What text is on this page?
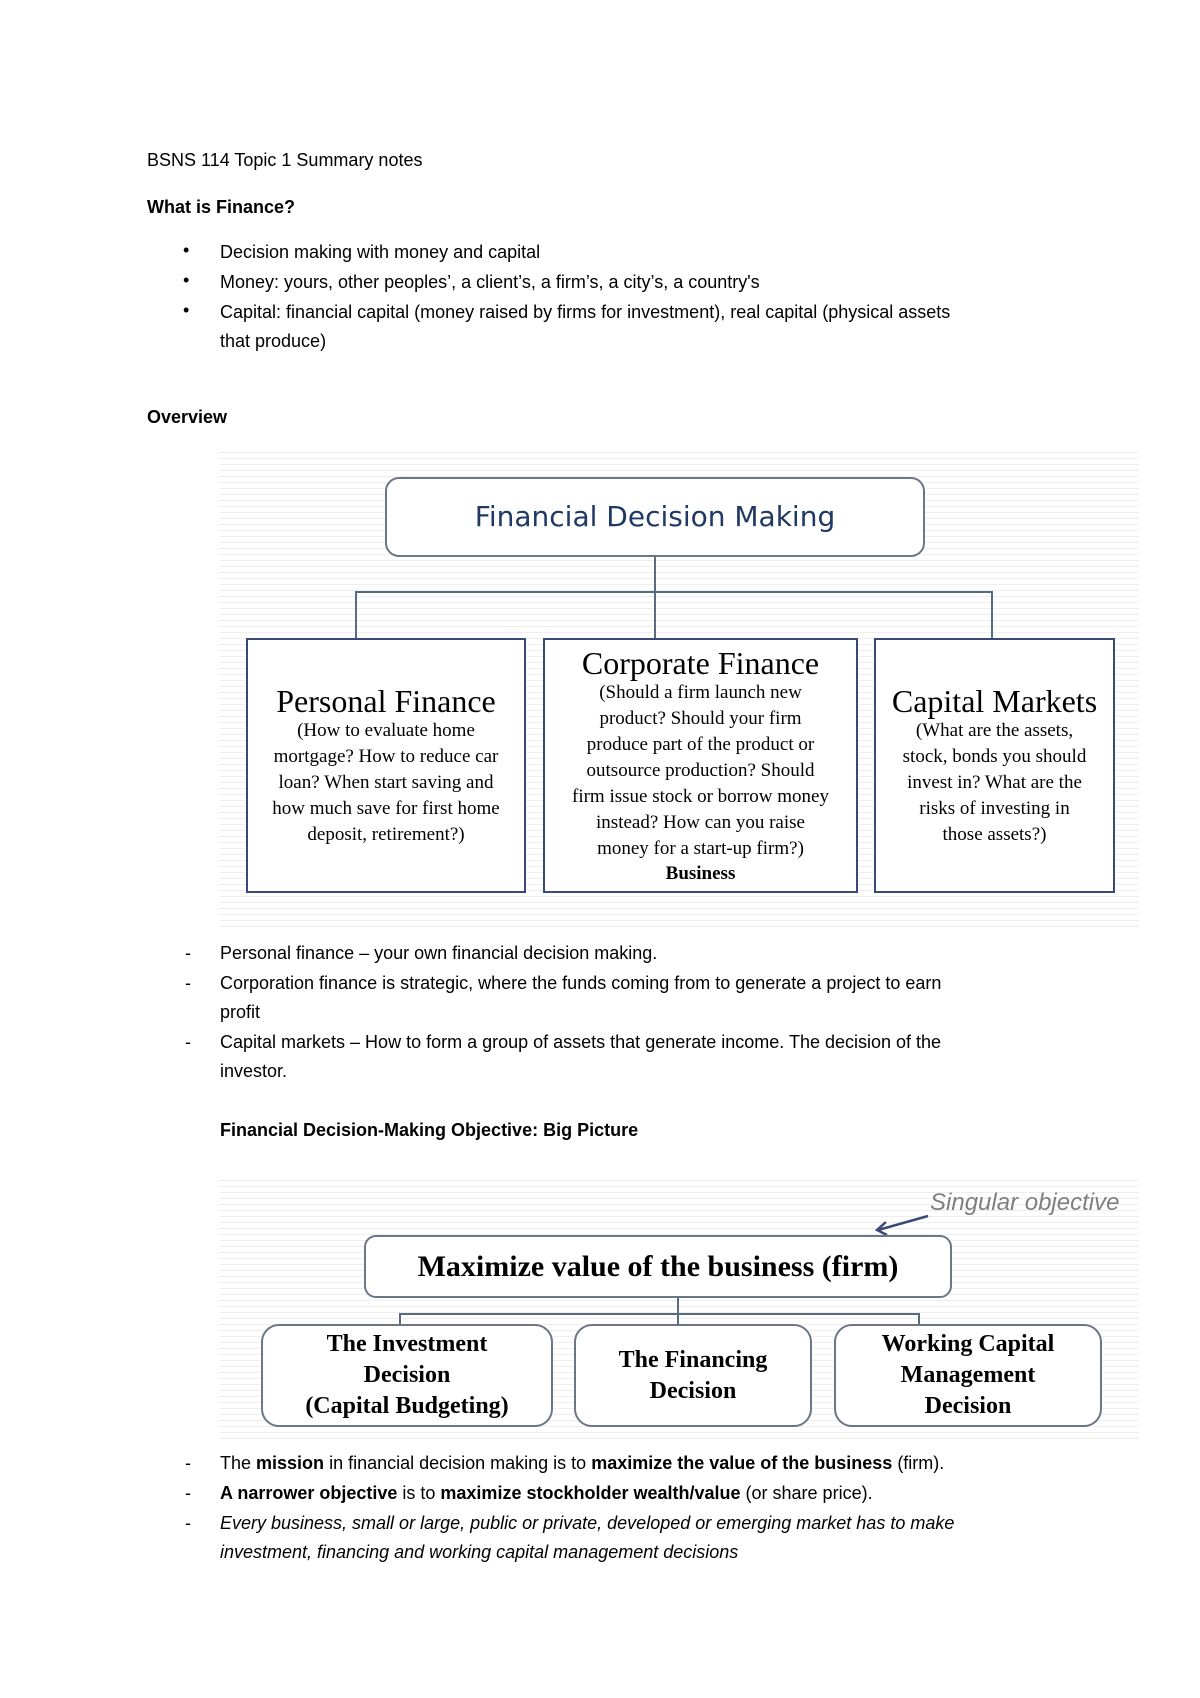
BSNS 114 Topic 1 Summary notes
What is Finance?
• Decision making with money and capital
• Money: yours, other peoples’, a client’s, a firm’s, a city’s, a country's
• Capital: financial capital (money raised by firms for investment), real capital (physical assets
that produce)
Overview
Financial Decision Making
Personal Finance
(How to evaluate home
mortgage? How to reduce car
loan? When start saving and
how much save for first home
deposit, retirement?)
Corporate Finance
(Should a firm launch new
product? Should your firm
produce part of the product or
outsource production? Should
firm issue stock or borrow money
instead? How can you raise
money for a start-up firm?)
Business
Capital Markets
(What are the assets,
stock, bonds you should
invest in? What are the
risks of investing in
those assets?)
- Personal finance – your own financial decision making.
- Corporation finance is strategic, where the funds coming from to generate a project to earn
profit
- Capital markets – How to form a group of assets that generate income. The decision of the
investor.
Financial Decision-Making Objective: Big Picture
Singular objective
Maximize value of the business (firm)
The Investment
Decision
(Capital Budgeting)
The Financing
Decision
Working Capital
Management
Decision
- The mission in financial decision making is to maximize the value of the business (firm).
- A narrower objective is to maximize stockholder wealth/value (or share price).
- Every business, small or large, public or private, developed or emerging market has to make
investment, financing and working capital management decisions
